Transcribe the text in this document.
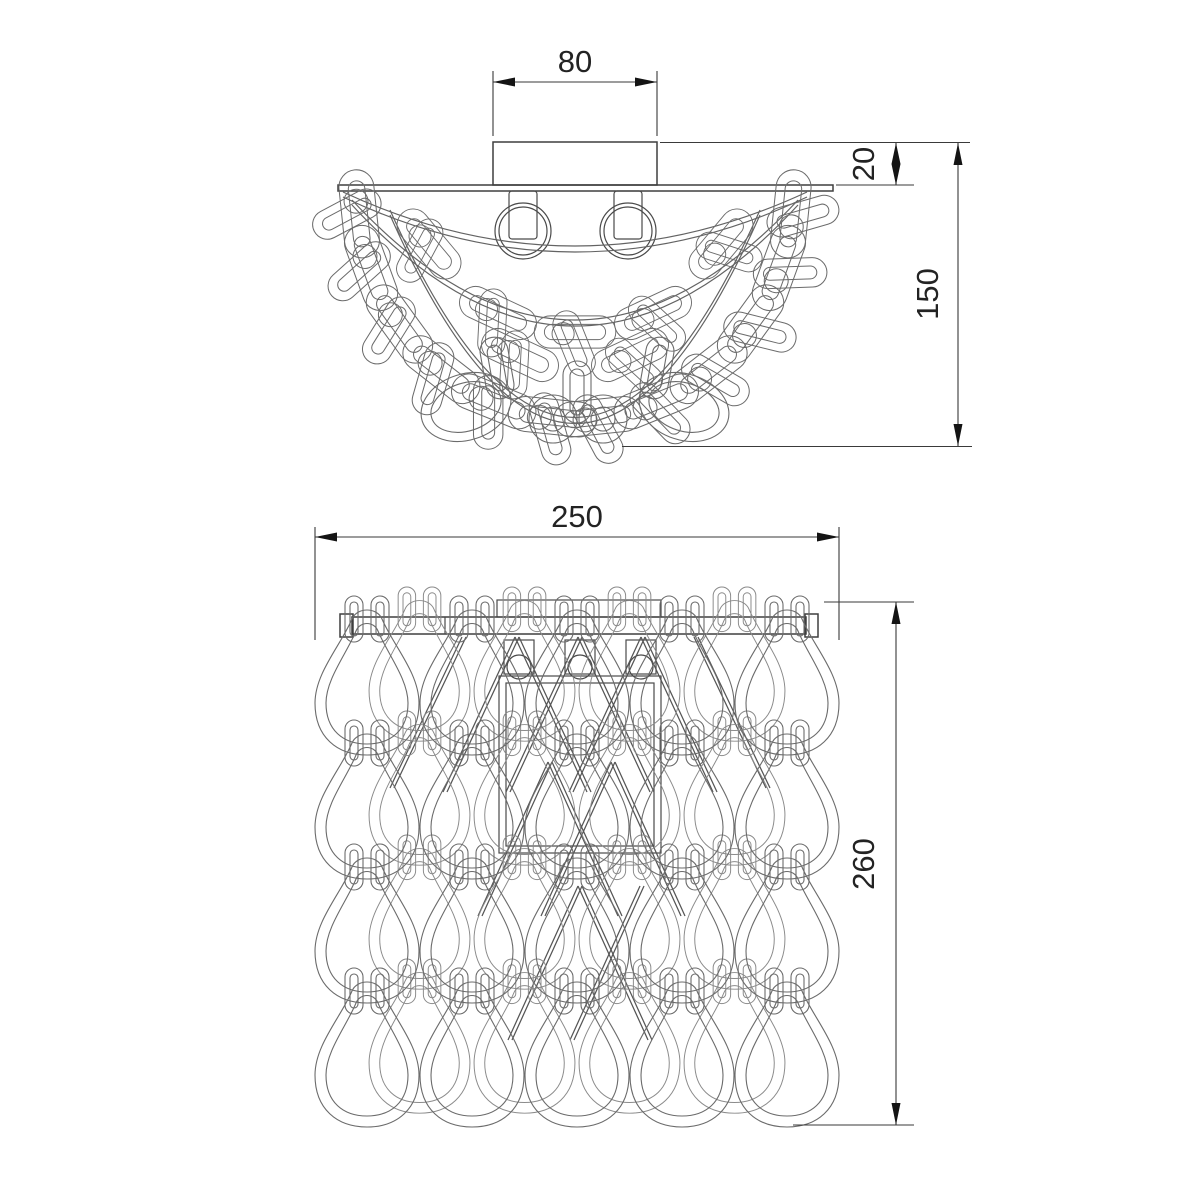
80
20
150
250
260
